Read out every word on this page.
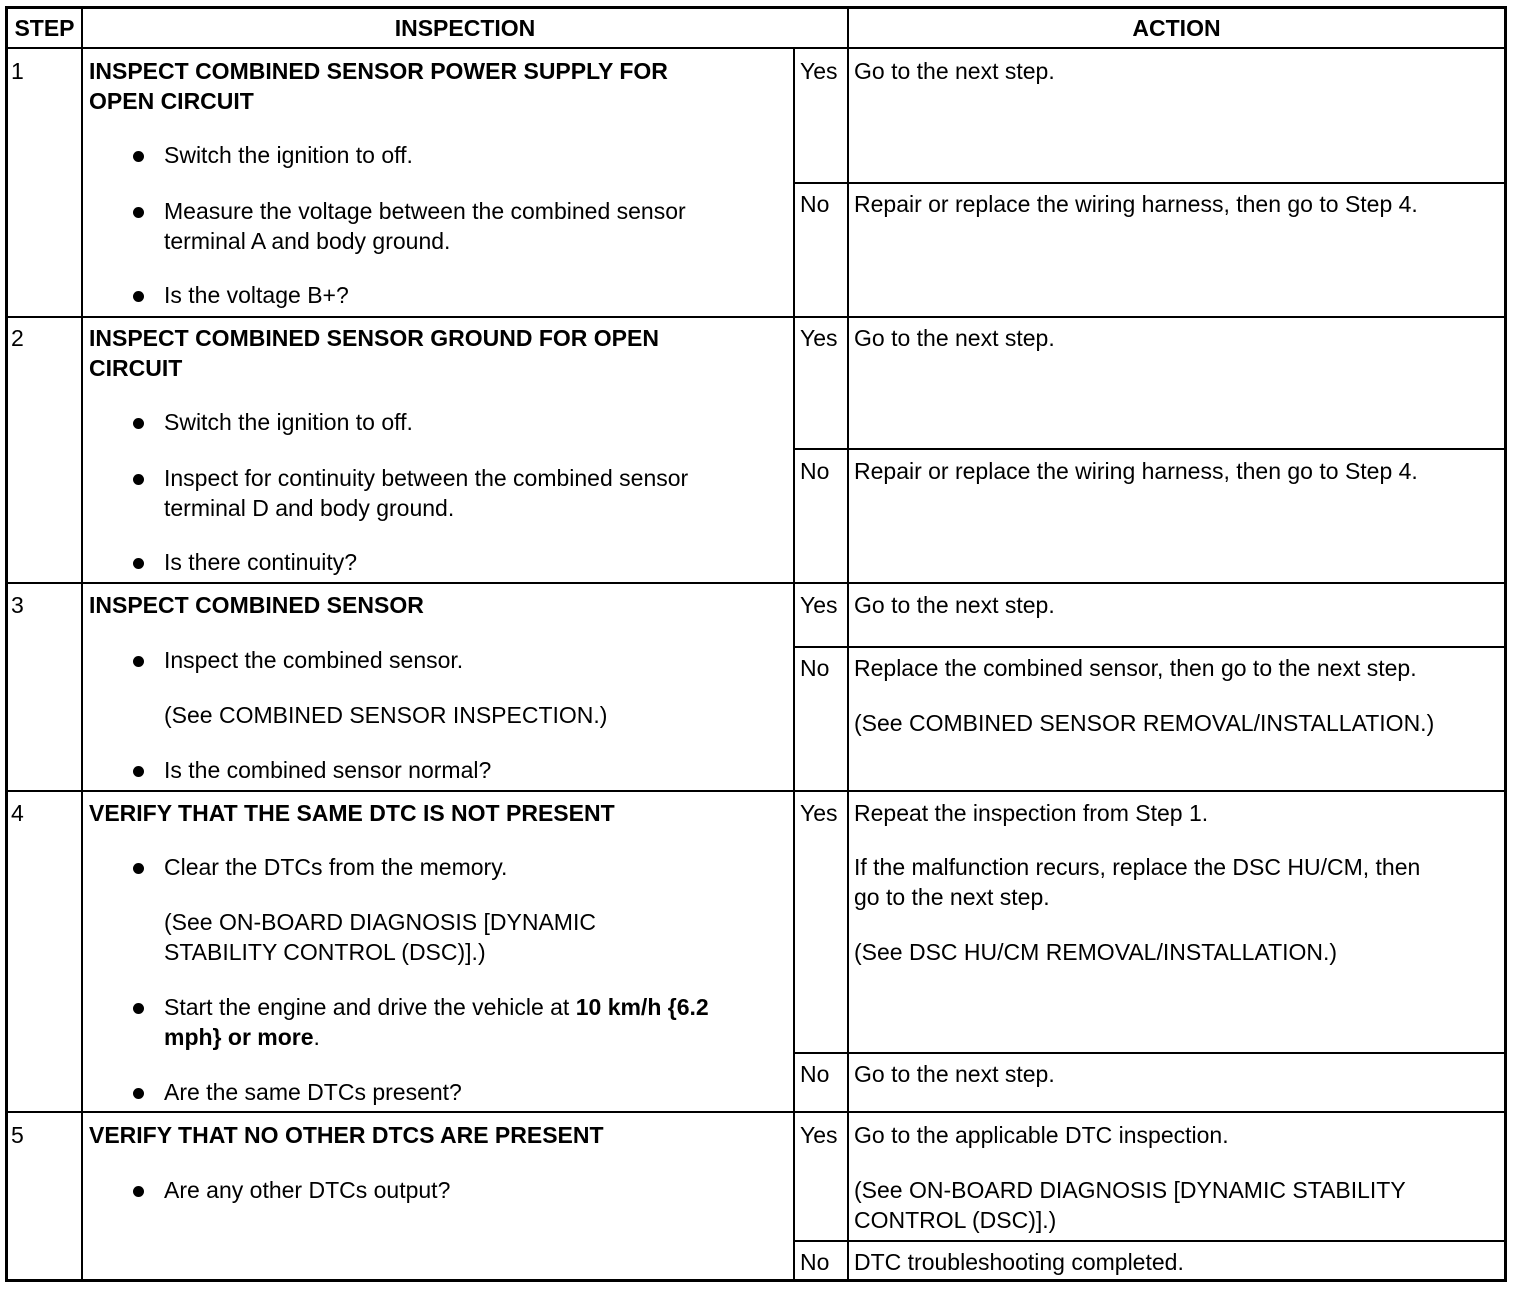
STEP	INSPECTION	ACTION

1	INSPECT COMBINED SENSOR POWER SUPPLY FOR

OPEN CIRCUIT

Switch the ignition to off.

Measure the voltage between the combined sensor

terminal A and body ground.

Is the voltage B+?

Yes Go to the next step.

No Repair or replace the wiring harness, then go to Step 4.

2	INSPECT COMBINED SENSOR GROUND FOR OPEN

CIRCUIT

Switch the ignition to off.

Inspect for continuity between the combined sensor

terminal D and body ground.

Is there continuity?

Yes Go to the next step.

No Repair or replace the wiring harness, then go to Step 4.

3	INSPECT COMBINED SENSOR

Inspect the combined sensor.

(See COMBINED SENSOR INSPECTION.)

Is the combined sensor normal?

Yes Go to the next step.

No Replace the combined sensor, then go to the next step.

(See COMBINED SENSOR REMOVAL/INSTALLATION.)

4	VERIFY THAT THE SAME DTC IS NOT PRESENT

Clear the DTCs from the memory.

(See ON-BOARD DIAGNOSIS [DYNAMIC

STABILITY CONTROL (DSC)].)

Start the engine and drive the vehicle at 10 km/h {6.2

mph} or more.

Are the same DTCs present?

Yes Repeat the inspection from Step 1.

If the malfunction recurs, replace the DSC HU/CM, then

go to the next step.

(See DSC HU/CM REMOVAL/INSTALLATION.)

No Go to the next step.

5	VERIFY THAT NO OTHER DTCS ARE PRESENT

Are any other DTCs output?

Yes Go to the applicable DTC inspection.

(See ON-BOARD DIAGNOSIS [DYNAMIC STABILITY

CONTROL (DSC)].)

No DTC troubleshooting completed.
